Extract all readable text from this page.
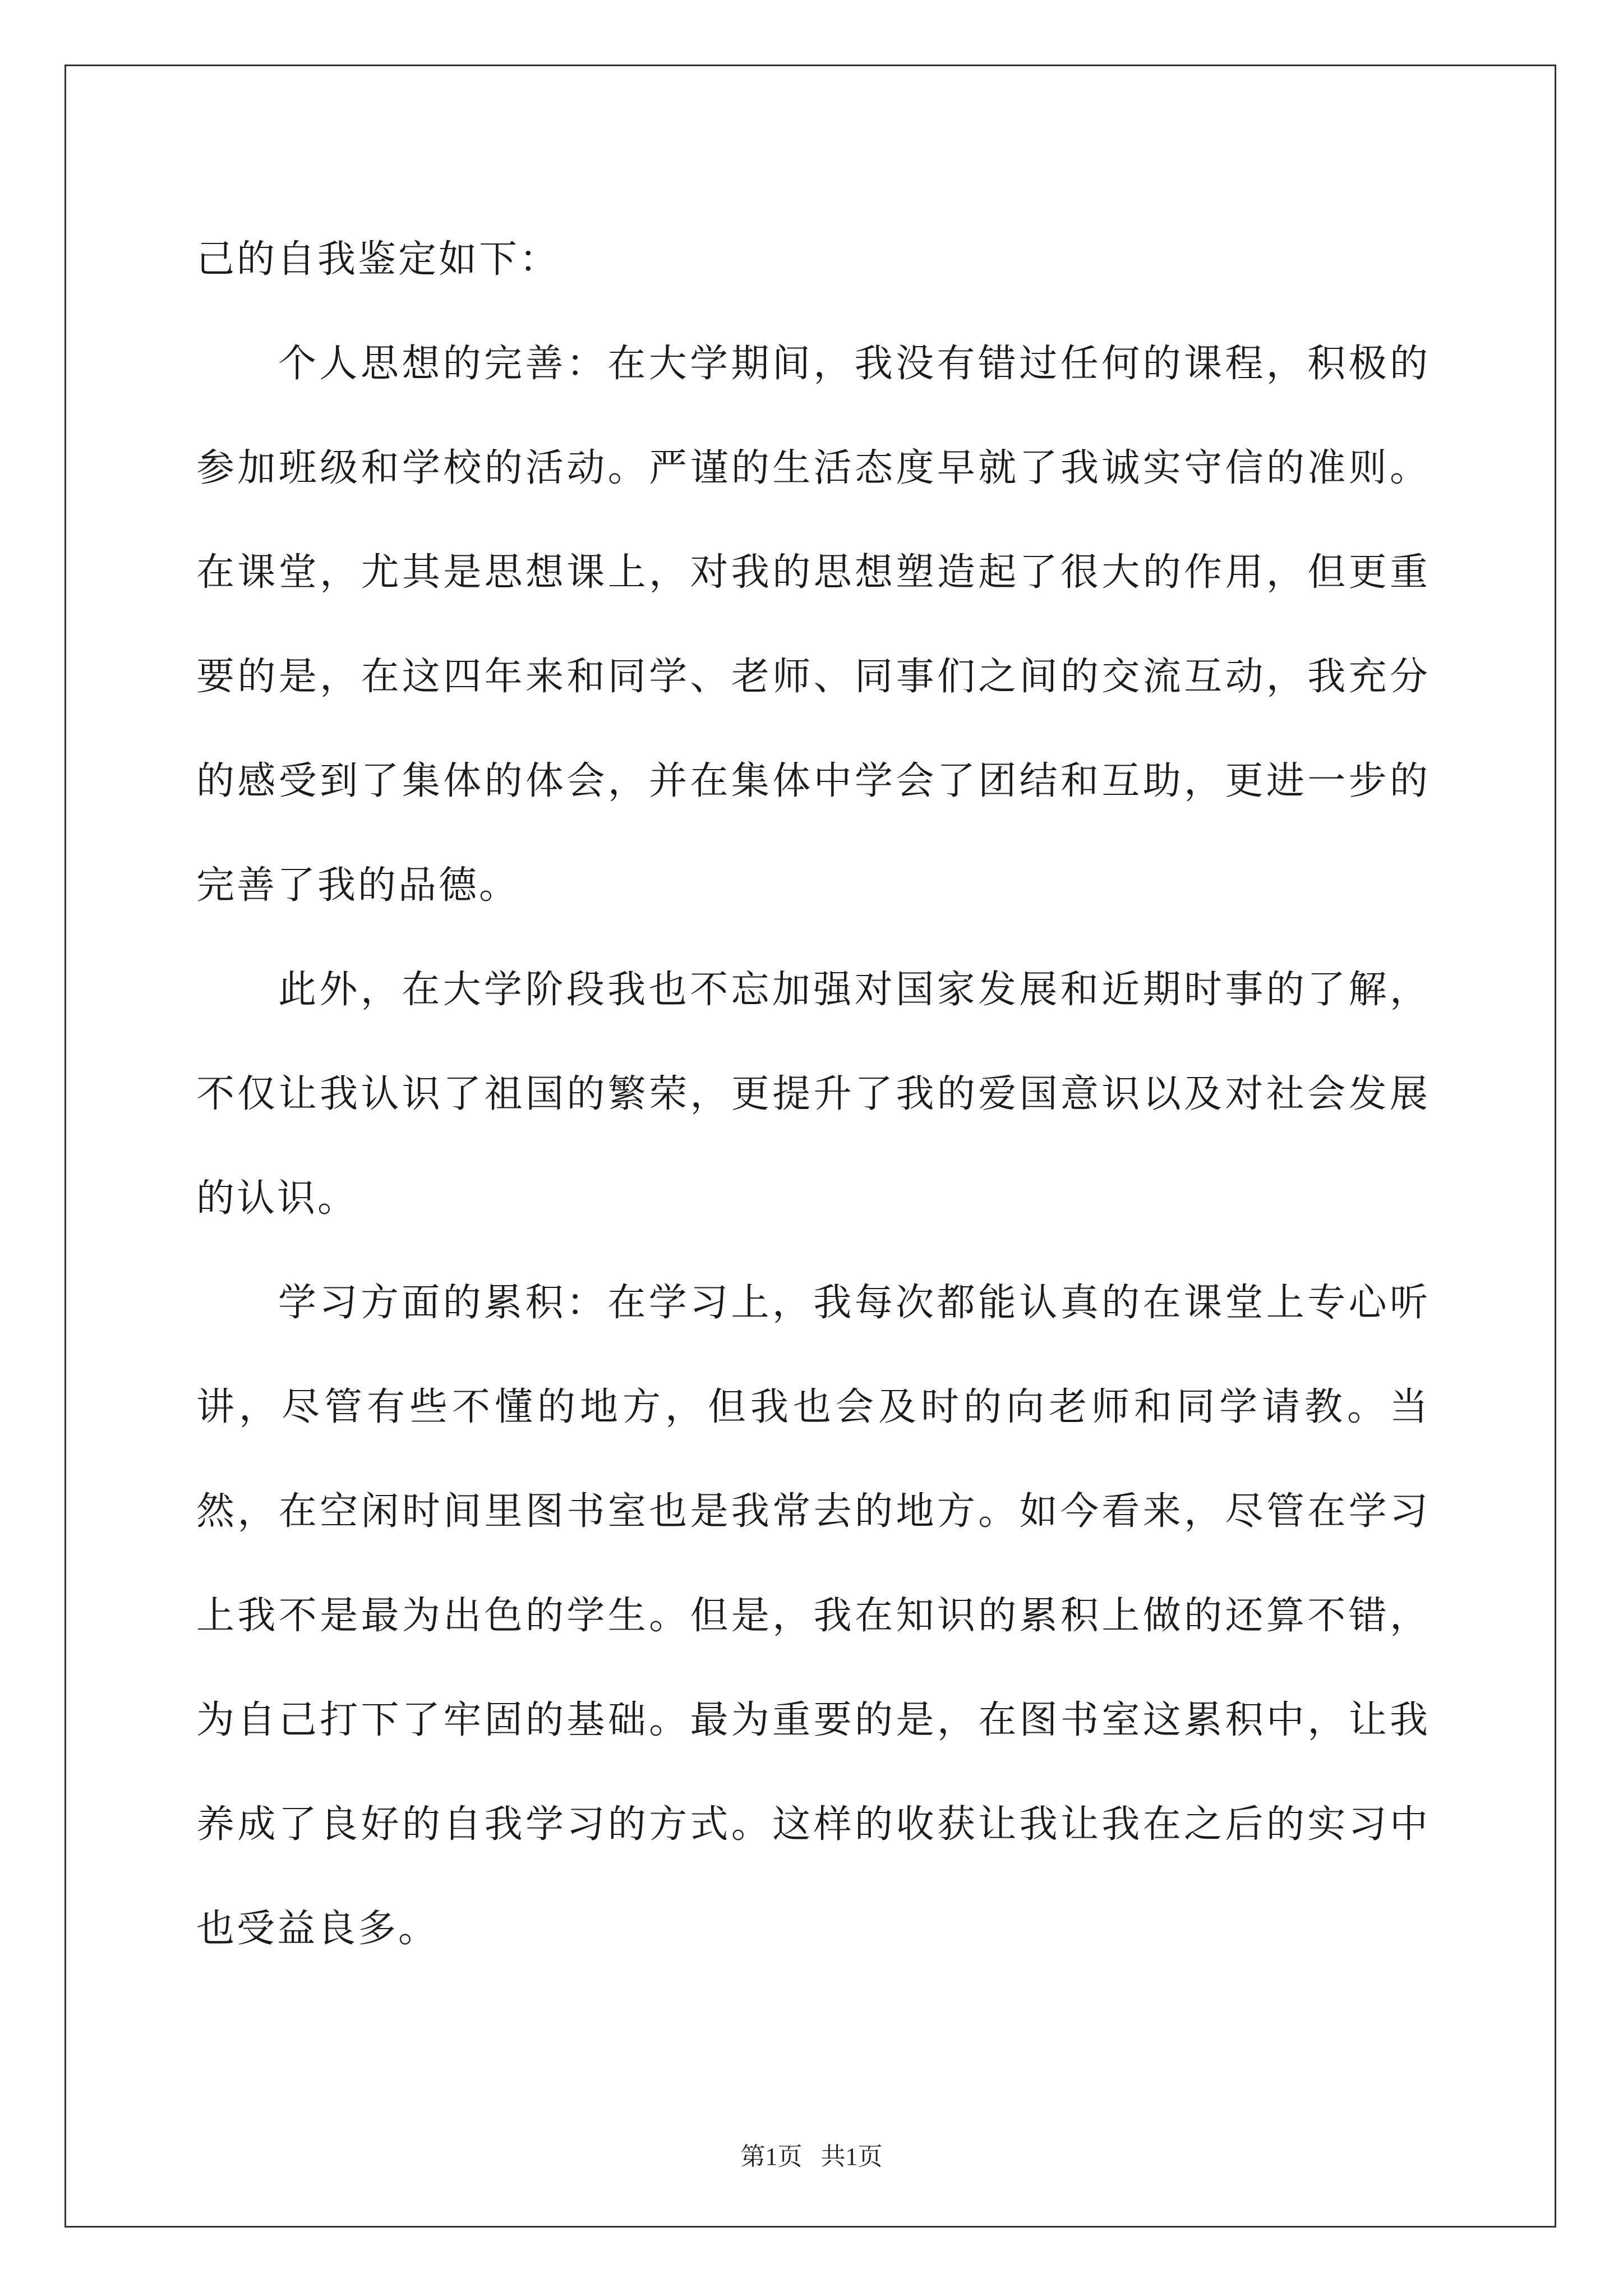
己的自我鉴定如下：

个人思想的完善：在大学期间，我没有错过任何的课程，积极的参加班级和学校的活动。严谨的生活态度早就了我诚实守信的准则。在课堂，尤其是思想课上，对我的思想塑造起了很大的作用，但更重要的是，在这四年来和同学、老师、同事们之间的交流互动，我充分的感受到了集体的体会，并在集体中学会了团结和互助，更进一步的完善了我的品德。

此外，在大学阶段我也不忘加强对国家发展和近期时事的了解，不仅让我认识了祖国的繁荣，更提升了我的爱国意识以及对社会发展的认识。

学习方面的累积：在学习上，我每次都能认真的在课堂上专心听讲，尽管有些不懂的地方，但我也会及时的向老师和同学请教。当然，在空闲时间里图书室也是我常去的地方。如今看来，尽管在学习上我不是最为出色的学生。但是，我在知识的累积上做的还算不错，为自己打下了牢固的基础。最为重要的是，在图书室这累积中，让我养成了良好的自我学习的方式。这样的收获让我让我在之后的实习中也受益良多。

第1页   共1页
